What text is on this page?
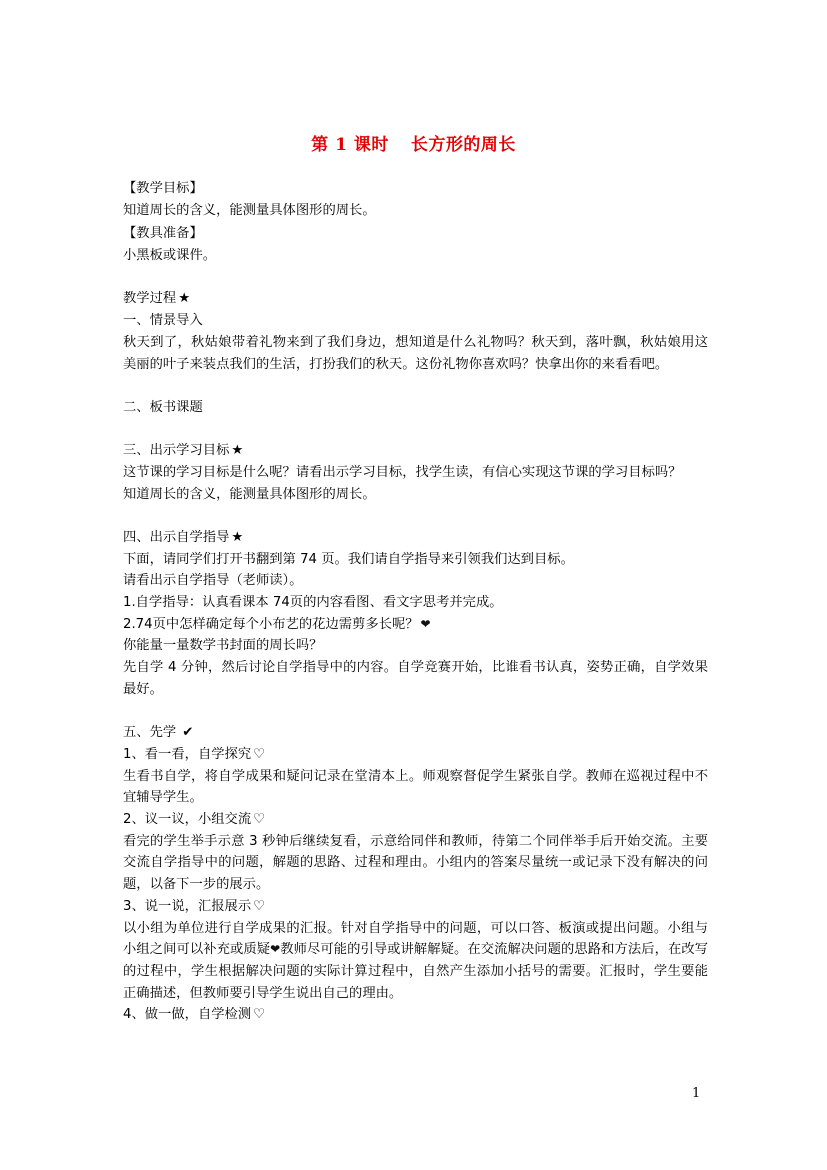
第 1 课时 长方形的周长
【教学目标】
知道周长的含义，能测量具体图形的周长。
【教具准备】
小黑板或课件。
教学过程 ★
一、情景导入
秋天到了，秋姑娘带着礼物来到了我们身边，想知道是什么礼物吗？秋天到，落叶飘，秋姑娘用这美丽的叶子来装点我们的生活，打扮我们的秋天。这份礼物你喜欢吗？快拿出你的来看看吧。
二、板书课题
三、出示学习目标 ★
这节课的学习目标是什么呢？请看出示学习目标，找学生读，有信心实现这节课的学习目标吗？
知道周长的含义，能测量具体图形的周长。
四、出示自学指导 ★
下面，请同学们打开书翻到第 74 页。我们请自学指导来引领我们达到目标。
请看出示自学指导（老师读）。
1.自学指导：认真看课本 74页的内容看图、看文字思考并完成。
2.74页中怎样确定每个小布艺的花边需剪多长呢？ ❤
你能量一量数学书封面的周长吗？
先自学 4 分钟，然后讨论自学指导中的内容。自学竞赛开始，比谁看书认真，姿势正确，自学效果最好。
五、先学 ✔
1、看一看，自学探究 ♡
生看书自学，将自学成果和疑问记录在堂清本上。师观察督促学生紧张自学。教师在巡视过程中不宜辅导学生。
2、议一议，小组交流 ♡
看完的学生举手示意 3 秒钟后继续复看，示意给同伴和教师，待第二个同伴举手后开始交流。主要交流自学指导中的问题，解题的思路、过程和理由。小组内的答案尽量统一或记录下没有解决的问题，以备下一步的展示。
3、说一说，汇报展示 ♡
以小组为单位进行自学成果的汇报。针对自学指导中的问题，可以口答、板演或提出问题。小组与小组之间可以补充或质疑❤教师尽可能的引导或讲解解疑。在交流解决问题的思路和方法后，在改写的过程中，学生根据解决问题的实际计算过程中，自然产生添加小括号的需要。汇报时，学生要能正确描述，但教师要引导学生说出自己的理由。
4、做一做，自学检测 ♡
1
